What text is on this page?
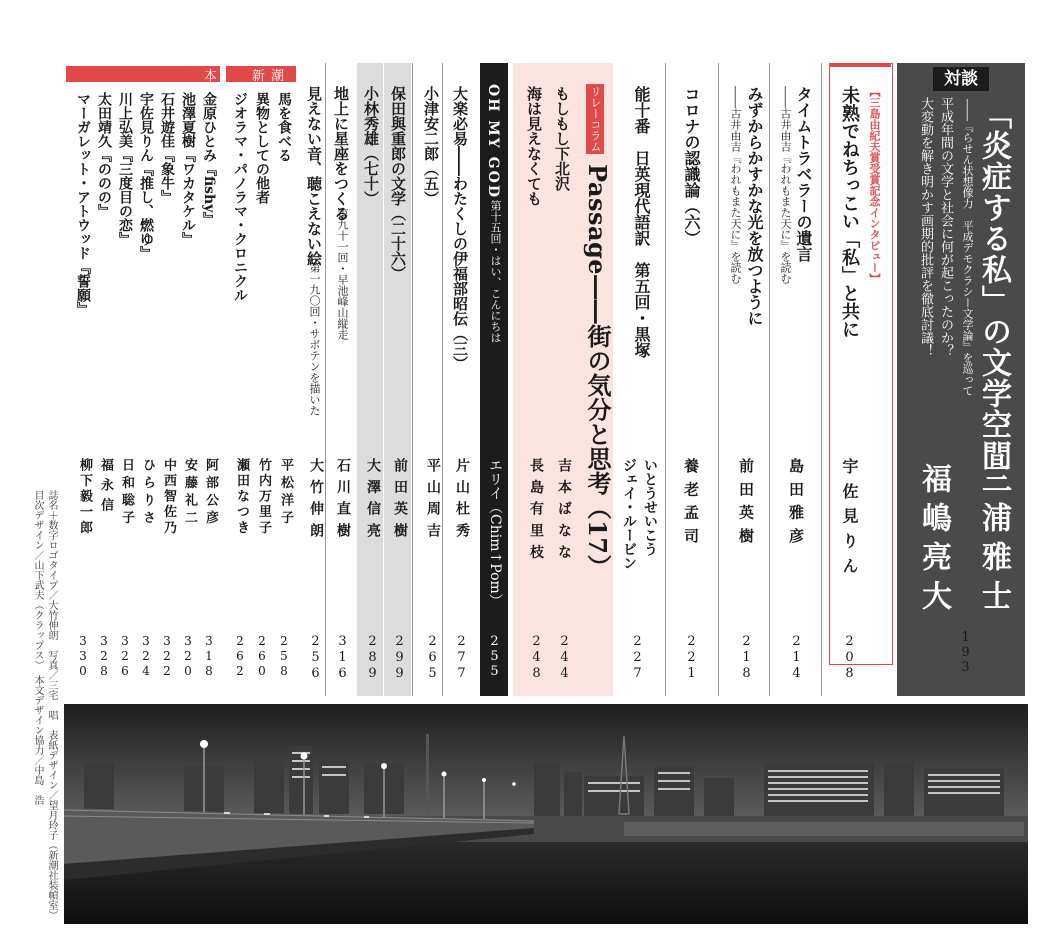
対談
「炎症する私」の文学空間
――『らせん状想像力　平成デモクラシー文学論』を巡って
平成年間の文学と社会に何が起こったのか？
大変動を解き明かす画期的批評を徹底討議！
三浦雅士
福嶋亮大
193
【三島由紀夫賞受賞記念インタビュー】
未熟でねちっこい「私」と共に
宇佐見りん
208
タイムトラベラーの遺言
――古井由吉『われもまた天に』を読む
島田雅彦
214
みずからかすかな光を放つように
――古井由吉『われもまた天に』を読む
前田英樹
218
コロナの認識論（六）
養老孟司
221
能十番　日英現代語訳　第五回・黒塚
いとうせいこう
ジェイ・ルービン
227
リレーコラム
Passage――街の気分と思考（17）
もしもし下北沢
海は見えなくても
吉本ばなな
長島有里枝
244
248
OH MY GOD
第十五回・はい、こんにちは
エリイ（Chim↑Pom）
255
大楽必易――わたくしの伊福部昭伝（三）
片山杜秀
277
小津安二郎（五）
平山周吉
265
保田與重郎の文学（二十六）
前田英樹
299
小林秀雄（七十）
大澤信亮
289
地上に星座をつくる
第九十一回・早池峰山縦走
石川直樹
316
見えない音、聴こえない絵
第一九〇回・サボテンを描いた
大竹伸朗
256
新潮
馬を食べる
異物としての他者
ジオラマ・パノラマ・クロニクル
平松洋子
竹内万里子
瀬田なつき
258
260
262
本
金原ひとみ『fishy』
池澤夏樹『ワカタケル』
石井遊佳『象牛』
宇佐見りん『推し、燃ゆ』
川上弘美『三度目の恋』
太田靖久『ののの』
マーガレット・アトウッド『誓願』
阿部公彦
安藤礼二
中西智佐乃
ひらりさ
日和聡子
福永信
柳下毅一郎
318
320
322
324
326
328
330
誌名＋数字ロゴタイプ／大竹伸朗　写真／三宅　唱　表紙デザイン／望月玲子（新潮社装幀室）
目次デザイン／山下武夫（クラップス）　本文デザイン協力／中島　浩
